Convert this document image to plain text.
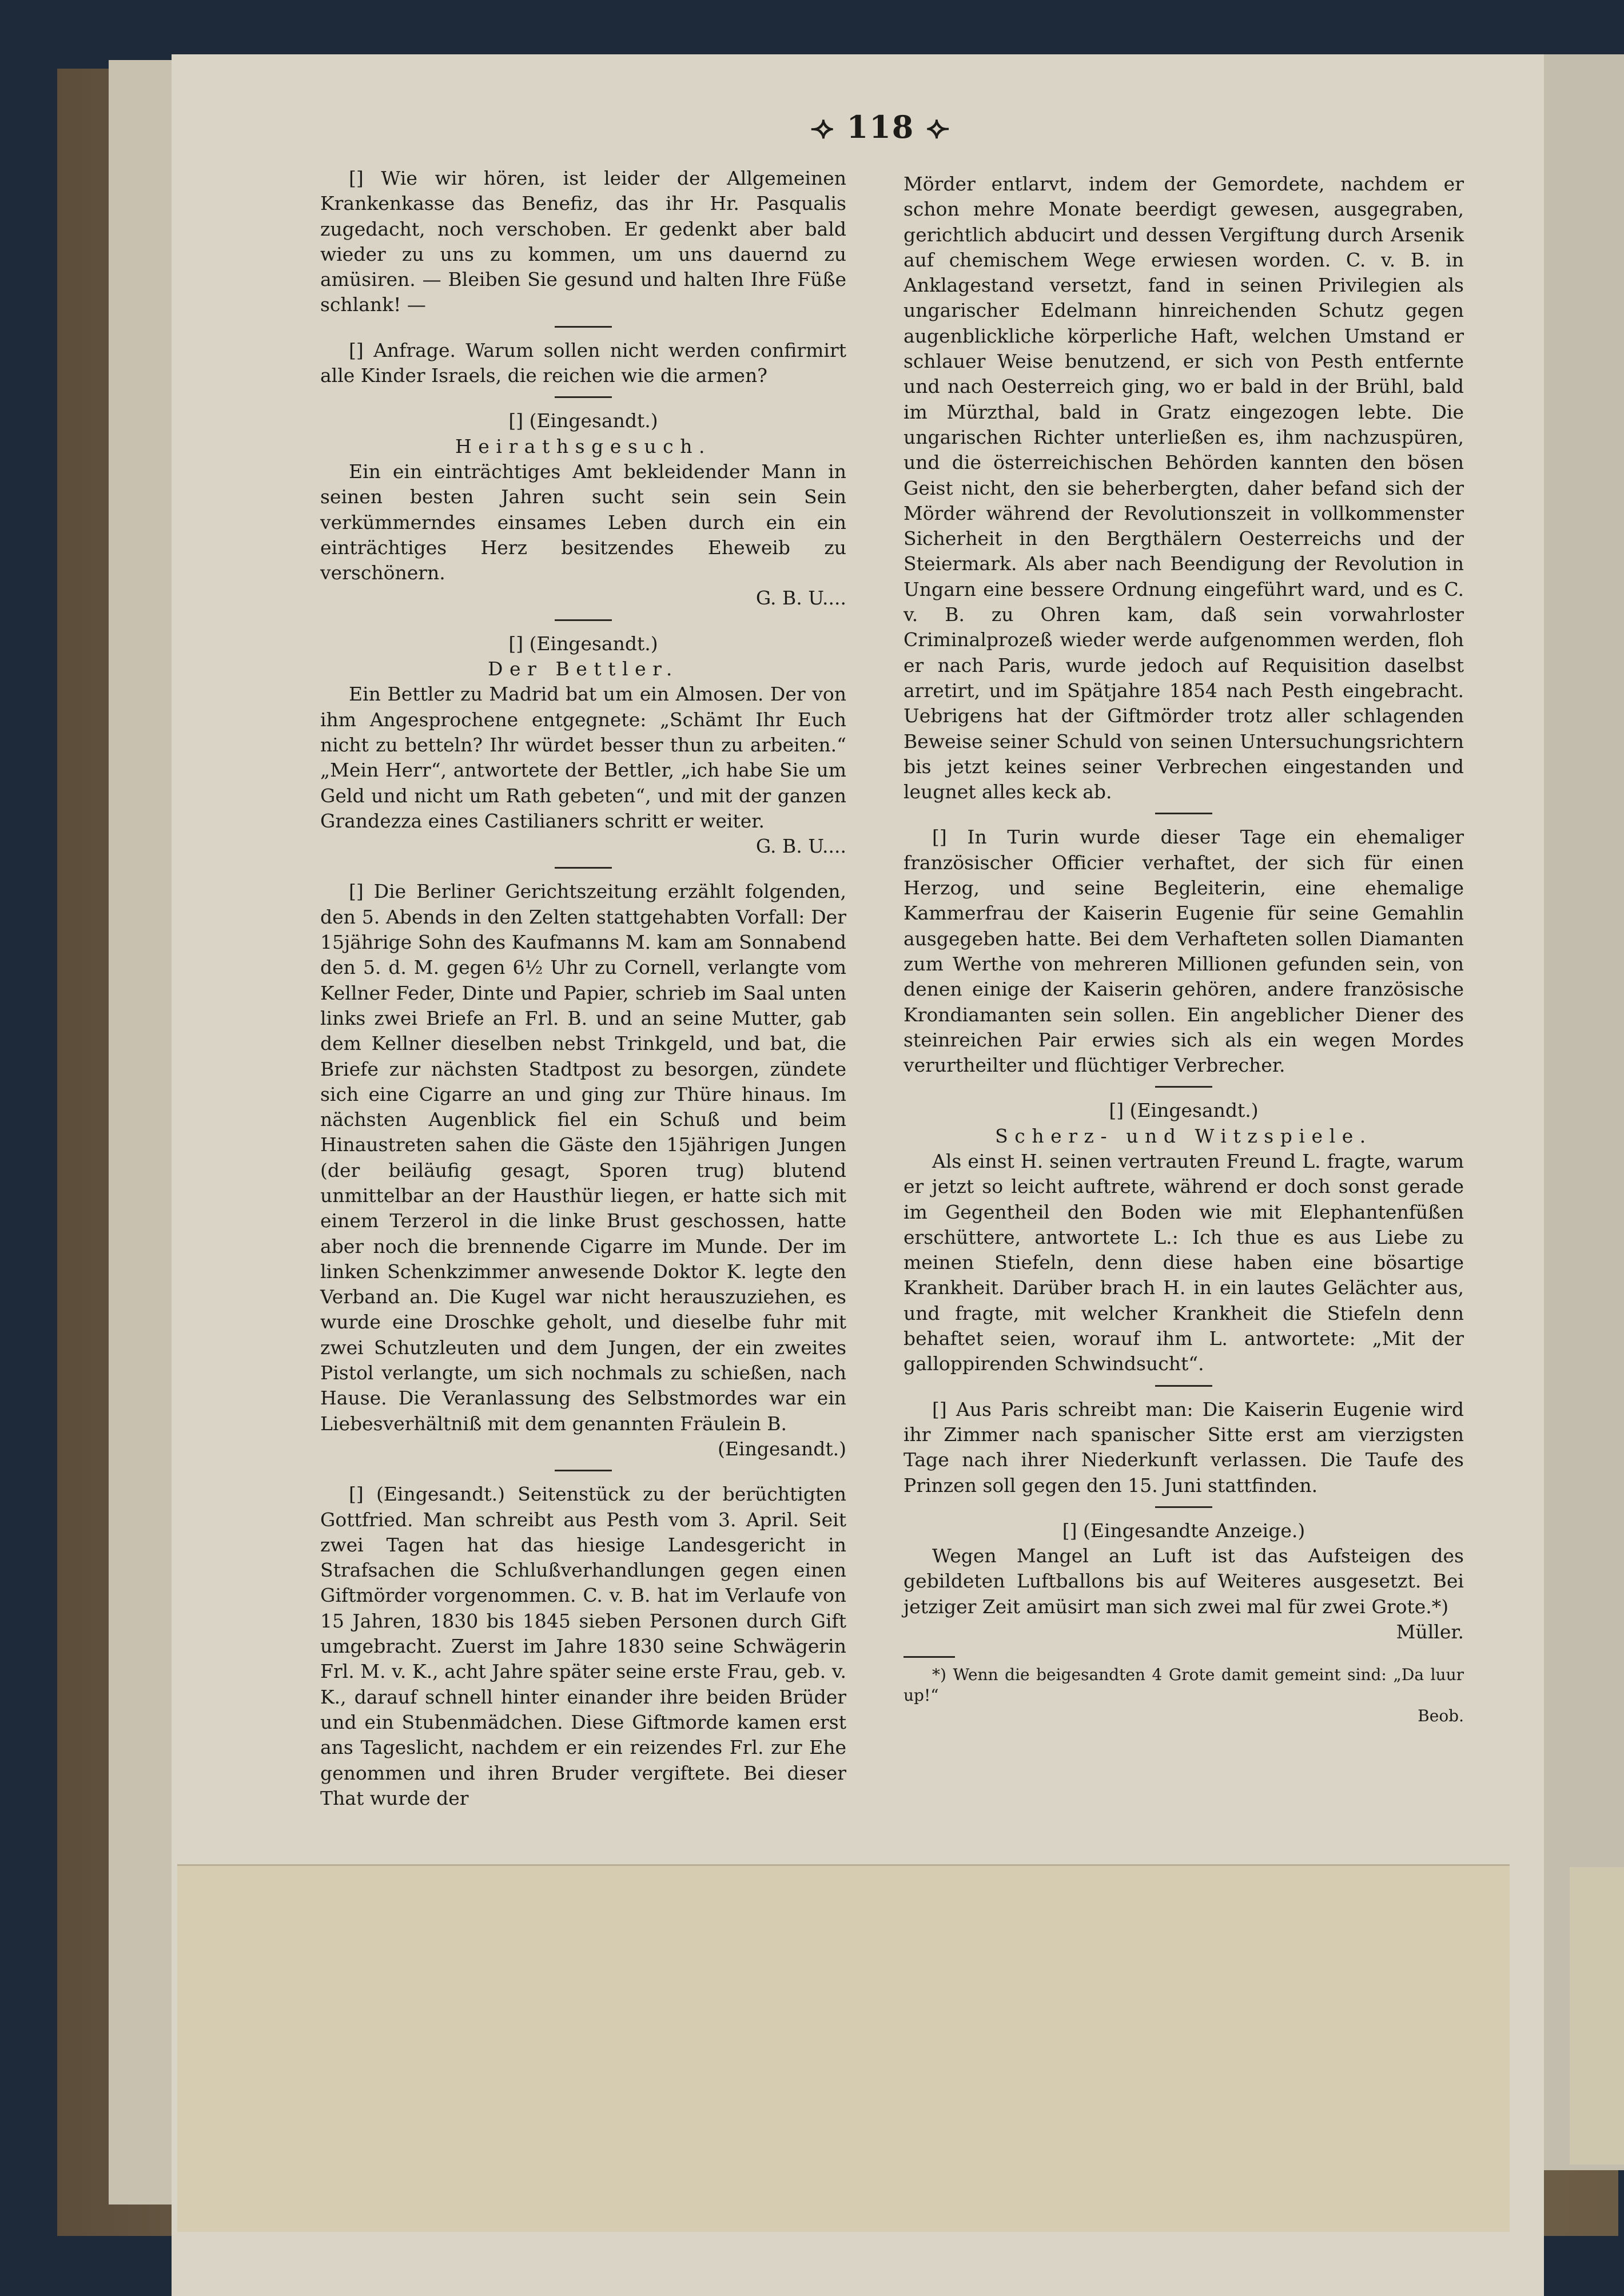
⟢ 118 ⟣
[] Wie wir hören, ist leider der Allgemeinen Krankenkasse das Benefiz, das ihr Hr. Pasqualis zugedacht, noch verschoben. Er gedenkt aber bald wieder zu uns zu kommen, um uns dauernd zu amüsiren. — Bleiben Sie gesund und halten Ihre Füße schlank! —
[] Anfrage. Warum sollen nicht werden confirmirt alle Kinder Israels, die reichen wie die armen?
[] (Eingesandt.)
Heirathsgesuch.
Ein ein einträchtiges Amt bekleidender Mann in seinen besten Jahren sucht sein sein Sein verkümmerndes einsames Leben durch ein ein einträchtiges Herz besitzendes Eheweib zu verschönern.
G. B. U....
[] (Eingesandt.)
Der Bettler.
Ein Bettler zu Madrid bat um ein Almosen. Der von ihm Angesprochene entgegnete: „Schämt Ihr Euch nicht zu betteln? Ihr würdet besser thun zu arbeiten.“ „Mein Herr“, antwortete der Bettler, „ich habe Sie um Geld und nicht um Rath gebeten“, und mit der ganzen Grandezza eines Castilianers schritt er weiter.
G. B. U....
[] Die Berliner Gerichtszeitung erzählt folgenden, den 5. Abends in den Zelten stattgehabten Vorfall: Der 15jährige Sohn des Kaufmanns M. kam am Sonnabend den 5. d. M. gegen 6½ Uhr zu Cornell, verlangte vom Kellner Feder, Dinte und Papier, schrieb im Saal unten links zwei Briefe an Frl. B. und an seine Mutter, gab dem Kellner dieselben nebst Trinkgeld, und bat, die Briefe zur nächsten Stadtpost zu besorgen, zündete sich eine Cigarre an und ging zur Thüre hinaus. Im nächsten Augenblick fiel ein Schuß und beim Hinaustreten sahen die Gäste den 15jährigen Jungen (der beiläufig gesagt, Sporen trug) blutend unmittelbar an der Hausthür liegen, er hatte sich mit einem Terzerol in die linke Brust geschossen, hatte aber noch die brennende Cigarre im Munde. Der im linken Schenkzimmer anwesende Doktor K. legte den Verband an. Die Kugel war nicht herauszuziehen, es wurde eine Droschke geholt, und dieselbe fuhr mit zwei Schutzleuten und dem Jungen, der ein zweites Pistol verlangte, um sich nochmals zu schießen, nach Hause. Die Veranlassung des Selbstmordes war ein Liebesverhältniß mit dem genannten Fräulein B.
(Eingesandt.)
[] (Eingesandt.) Seitenstück zu der berüchtigten Gottfried. Man schreibt aus Pesth vom 3. April. Seit zwei Tagen hat das hiesige Landesgericht in Strafsachen die Schlußverhandlungen gegen einen Giftmörder vorgenommen. C. v. B. hat im Verlaufe von 15 Jahren, 1830 bis 1845 sieben Personen durch Gift umgebracht. Zuerst im Jahre 1830 seine Schwägerin Frl. M. v. K., acht Jahre später seine erste Frau, geb. v. K., darauf schnell hinter einander ihre beiden Brüder und ein Stubenmädchen. Diese Giftmorde kamen erst ans Tageslicht, nachdem er ein reizendes Frl. zur Ehe genommen und ihren Bruder vergiftete. Bei dieser That wurde der
Mörder entlarvt, indem der Gemordete, nachdem er schon mehre Monate beerdigt gewesen, ausgegraben, gerichtlich abducirt und dessen Vergiftung durch Arsenik auf chemischem Wege erwiesen worden. C. v. B. in Anklagestand versetzt, fand in seinen Privilegien als ungarischer Edelmann hinreichenden Schutz gegen augenblickliche körperliche Haft, welchen Umstand er schlauer Weise benutzend, er sich von Pesth entfernte und nach Oesterreich ging, wo er bald in der Brühl, bald im Mürzthal, bald in Gratz eingezogen lebte. Die ungarischen Richter unterließen es, ihm nachzuspüren, und die österreichischen Behörden kannten den bösen Geist nicht, den sie beherbergten, daher befand sich der Mörder während der Revolutionszeit in vollkommenster Sicherheit in den Bergthälern Oesterreichs und der Steiermark. Als aber nach Beendigung der Revolution in Ungarn eine bessere Ordnung eingeführt ward, und es C. v. B. zu Ohren kam, daß sein vorwahrloster Criminalprozeß wieder werde aufgenommen werden, floh er nach Paris, wurde jedoch auf Requisition daselbst arretirt, und im Spätjahre 1854 nach Pesth eingebracht. Uebrigens hat der Giftmörder trotz aller schlagenden Beweise seiner Schuld von seinen Untersuchungsrichtern bis jetzt keines seiner Verbrechen eingestanden und leugnet alles keck ab.
[] In Turin wurde dieser Tage ein ehemaliger französischer Officier verhaftet, der sich für einen Herzog, und seine Begleiterin, eine ehemalige Kammerfrau der Kaiserin Eugenie für seine Gemahlin ausgegeben hatte. Bei dem Verhafteten sollen Diamanten zum Werthe von mehreren Millionen gefunden sein, von denen einige der Kaiserin gehören, andere französische Krondiamanten sein sollen. Ein angeblicher Diener des steinreichen Pair erwies sich als ein wegen Mordes verurtheilter und flüchtiger Verbrecher.
[] (Eingesandt.)
Scherz- und Witzspiele.
Als einst H. seinen vertrauten Freund L. fragte, warum er jetzt so leicht auftrete, während er doch sonst gerade im Gegentheil den Boden wie mit Elephantenfüßen erschüttere, antwortete L.: Ich thue es aus Liebe zu meinen Stiefeln, denn diese haben eine bösartige Krankheit. Darüber brach H. in ein lautes Gelächter aus, und fragte, mit welcher Krankheit die Stiefeln denn behaftet seien, worauf ihm L. antwortete: „Mit der galloppirenden Schwindsucht“.
[] Aus Paris schreibt man: Die Kaiserin Eugenie wird ihr Zimmer nach spanischer Sitte erst am vierzigsten Tage nach ihrer Niederkunft verlassen. Die Taufe des Prinzen soll gegen den 15. Juni stattfinden.
[] (Eingesandte Anzeige.)
Wegen Mangel an Luft ist das Aufsteigen des gebildeten Luftballons bis auf Weiteres ausgesetzt. Bei jetziger Zeit amüsirt man sich zwei mal für zwei Grote.*)
Müller.
*) Wenn die beigesandten 4 Grote damit gemeint sind: „Da luur up!“
Beob.
